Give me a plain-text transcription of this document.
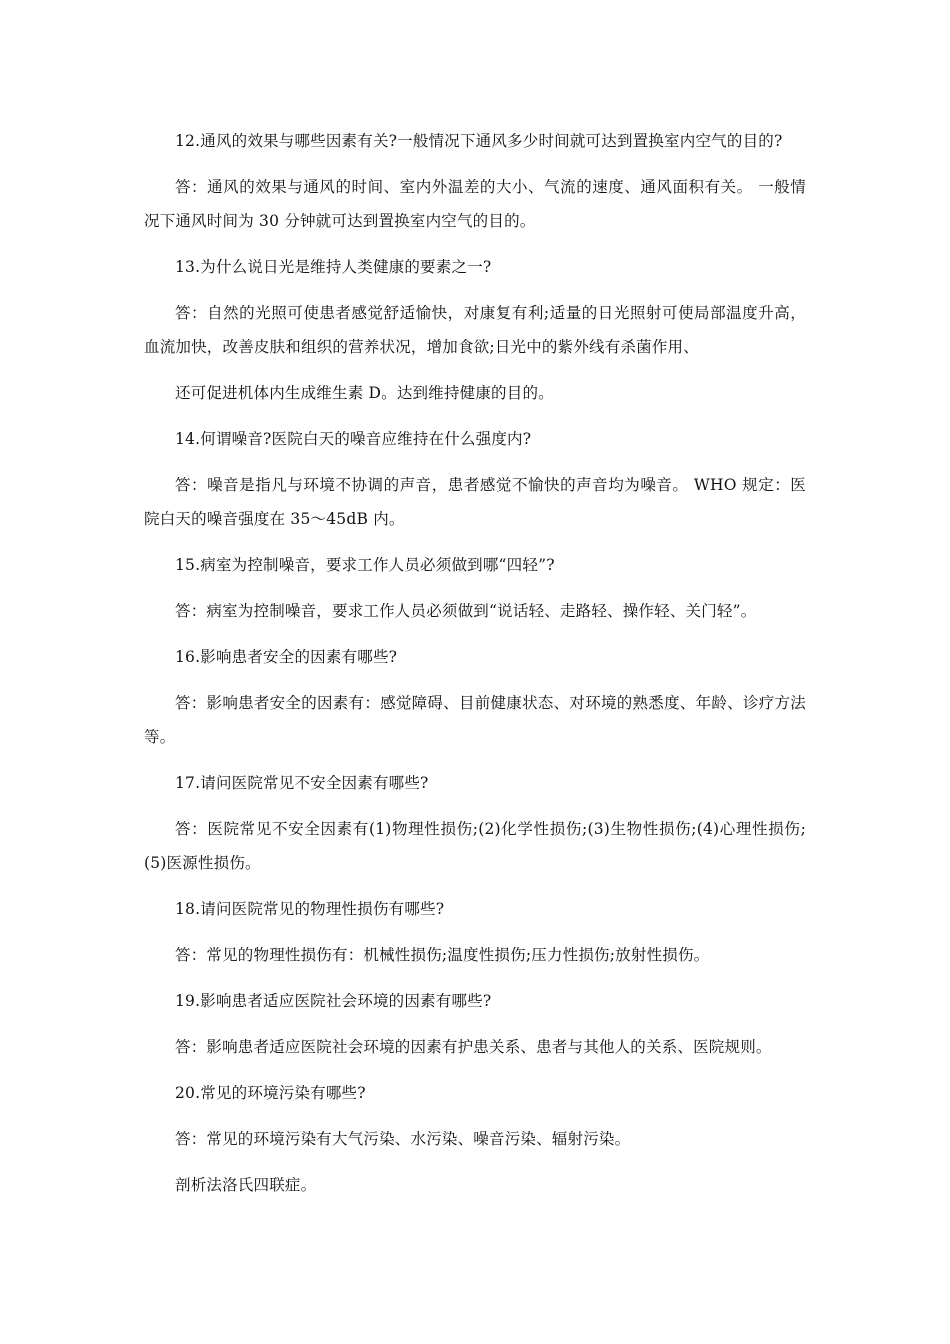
12.通风的效果与哪些因素有关?一般情况下通风多少时间就可达到置换室内空气的目的?

答：通风的效果与通风的时间、室内外温差的大小、气流的速度、通风面积有关。 一般情况下通风时间为 30 分钟就可达到置换室内空气的目的。

13.为什么说日光是维持人类健康的要素之一?

答：自然的光照可使患者感觉舒适愉快，对康复有利;适量的日光照射可使局部温度升高，血流加快，改善皮肤和组织的营养状况，增加食欲;日光中的紫外线有杀菌作用、

还可促进机体内生成维生素 D。达到维持健康的目的。

14.何谓噪音?医院白天的噪音应维持在什么强度内?

答：噪音是指凡与环境不协调的声音，患者感觉不愉快的声音均为噪音。 WHO 规定：医院白天的噪音强度在 35～45dB 内。

15.病室为控制噪音，要求工作人员必须做到哪“四轻”?

答：病室为控制噪音，要求工作人员必须做到“说话轻、走路轻、操作轻、关门轻”。

16.影响患者安全的因素有哪些?

答：影响患者安全的因素有：感觉障碍、目前健康状态、对环境的熟悉度、年龄、诊疗方法等。

17.请问医院常见不安全因素有哪些?

答：医院常见不安全因素有(1)物理性损伤;(2)化学性损伤;(3)生物性损伤;(4)心理性损伤;(5)医源性损伤。

18.请问医院常见的物理性损伤有哪些?

答：常见的物理性损伤有：机械性损伤;温度性损伤;压力性损伤;放射性损伤。

19.影响患者适应医院社会环境的因素有哪些?

答：影响患者适应医院社会环境的因素有护患关系、患者与其他人的关系、医院规则。

20.常见的环境污染有哪些?

答：常见的环境污染有大气污染、水污染、噪音污染、辐射污染。

剖析法洛氏四联症。
